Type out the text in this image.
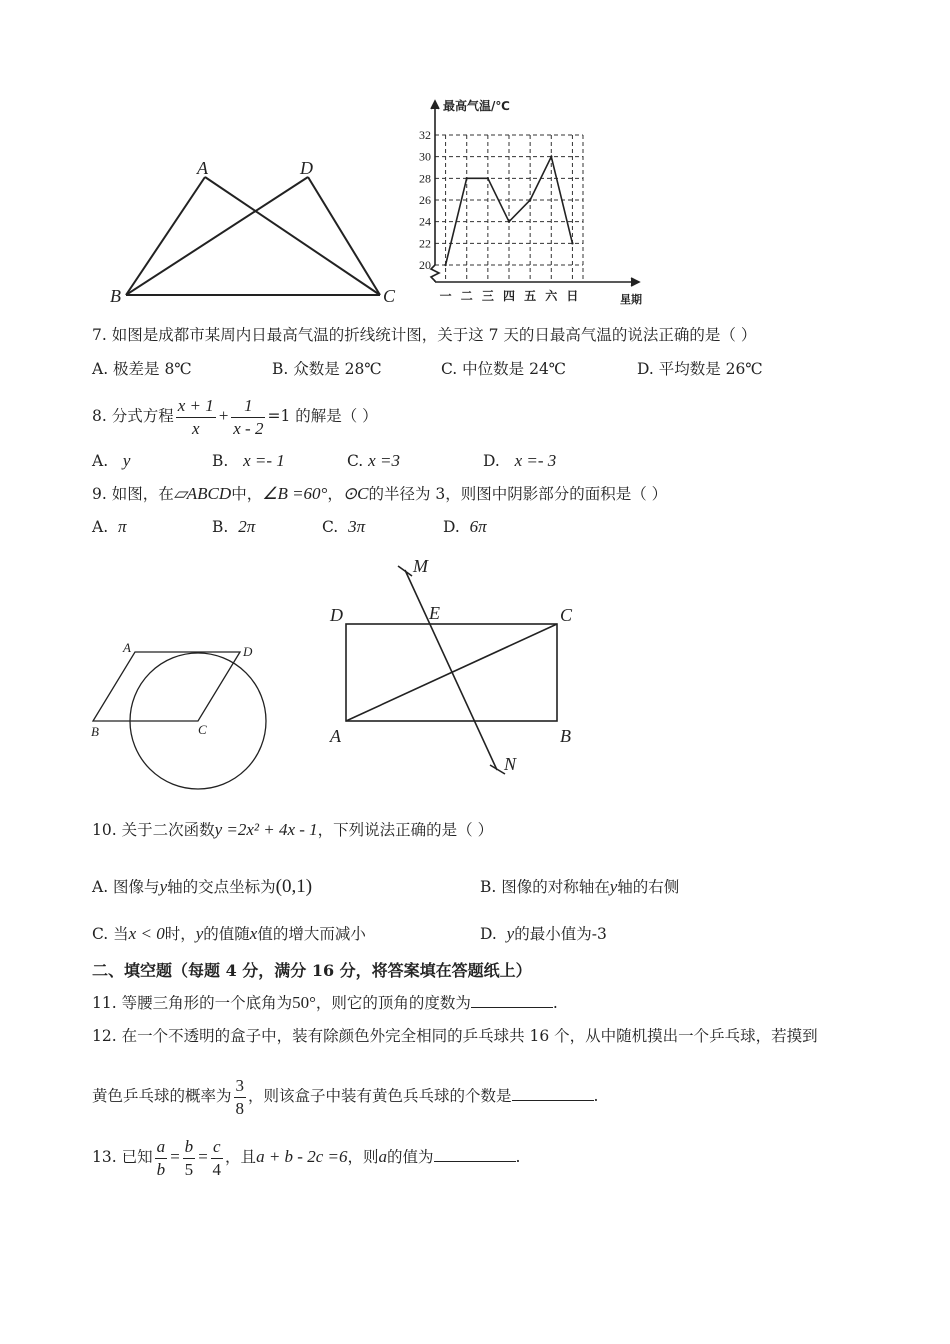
A	D
B	C
20
22
24
26
28
30
32
一 二 三 四 五 六 日
最高气温/℃
星期
7. 如图是成都市某周内日最高气温的折线统计图，关于这 7 天的日最高气温的说法正确的是（ ）
A. 极差是 8℃	B. 众数是 28℃	C. 中位数是 24℃	D. 平均数是 26℃
8. 分式方程 $\frac{x + 1}{x} + \frac{1}{x - 2} =1$ 的解是（ ）
A. y	B. x =- 1	C. x =3	D. x =- 3
9. 如图，在▱ABCD中，∠B =60°，⊙C的半径为 3，则图中阴影部分的面积是（ ）
A. π	B. 2π	C. 3π	D. 6π
A	D
B	C
M
D	E	C
A	B
N
10. 关于二次函数y =2x² + 4x - 1，下列说法正确的是（ ）
A. 图像与y轴的交点坐标为(0,1)	B. 图像的对称轴在y轴的右侧
C. 当x < 0时，y的值随x值的增大而减小	D.  y的最小值为-3
二、填空题（每题 4 分，满分 16 分，将答案填在答题纸上）
11. 等腰三角形的一个底角为50°，则它的顶角的度数为	.
12. 在一个不透明的盒子中，装有除颜色外完全相同的乒乓球共 16 个，从中随机摸出一个乒乓球，若摸到
黄色乒乓球的概率为 $\frac{3}{8}$ ，则该盒子中装有黄色兵乓球的个数是	.
13. 已知 $\frac{a}{b} = \frac{b}{5} = \frac{c}{4}$ ，且a + b - 2c =6，则a的值为	.
